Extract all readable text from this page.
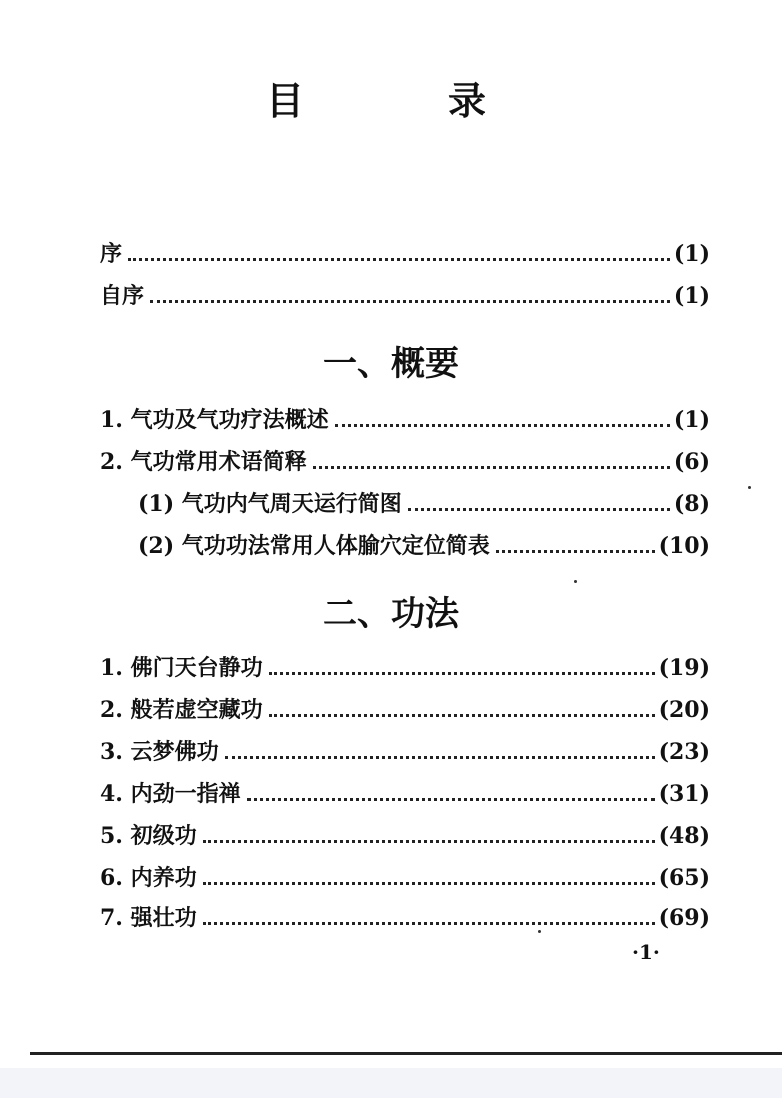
目	录
序	(1)
自序	(1)
一、概要
1. 气功及气功疗法概述	(1)
2. 气功常用术语简释	(6)
(1) 气功内气周天运行简图	(8)
(2) 气功功法常用人体腧穴定位简表	(10)
二、功法
1. 佛门天台静功	(19)
2. 般若虚空藏功	(20)
3. 云梦佛功	(23)
4. 内劲一指禅	(31)
5. 初级功	(48)
6. 内养功	(65)
7. 强壮功	(69)
·1·
